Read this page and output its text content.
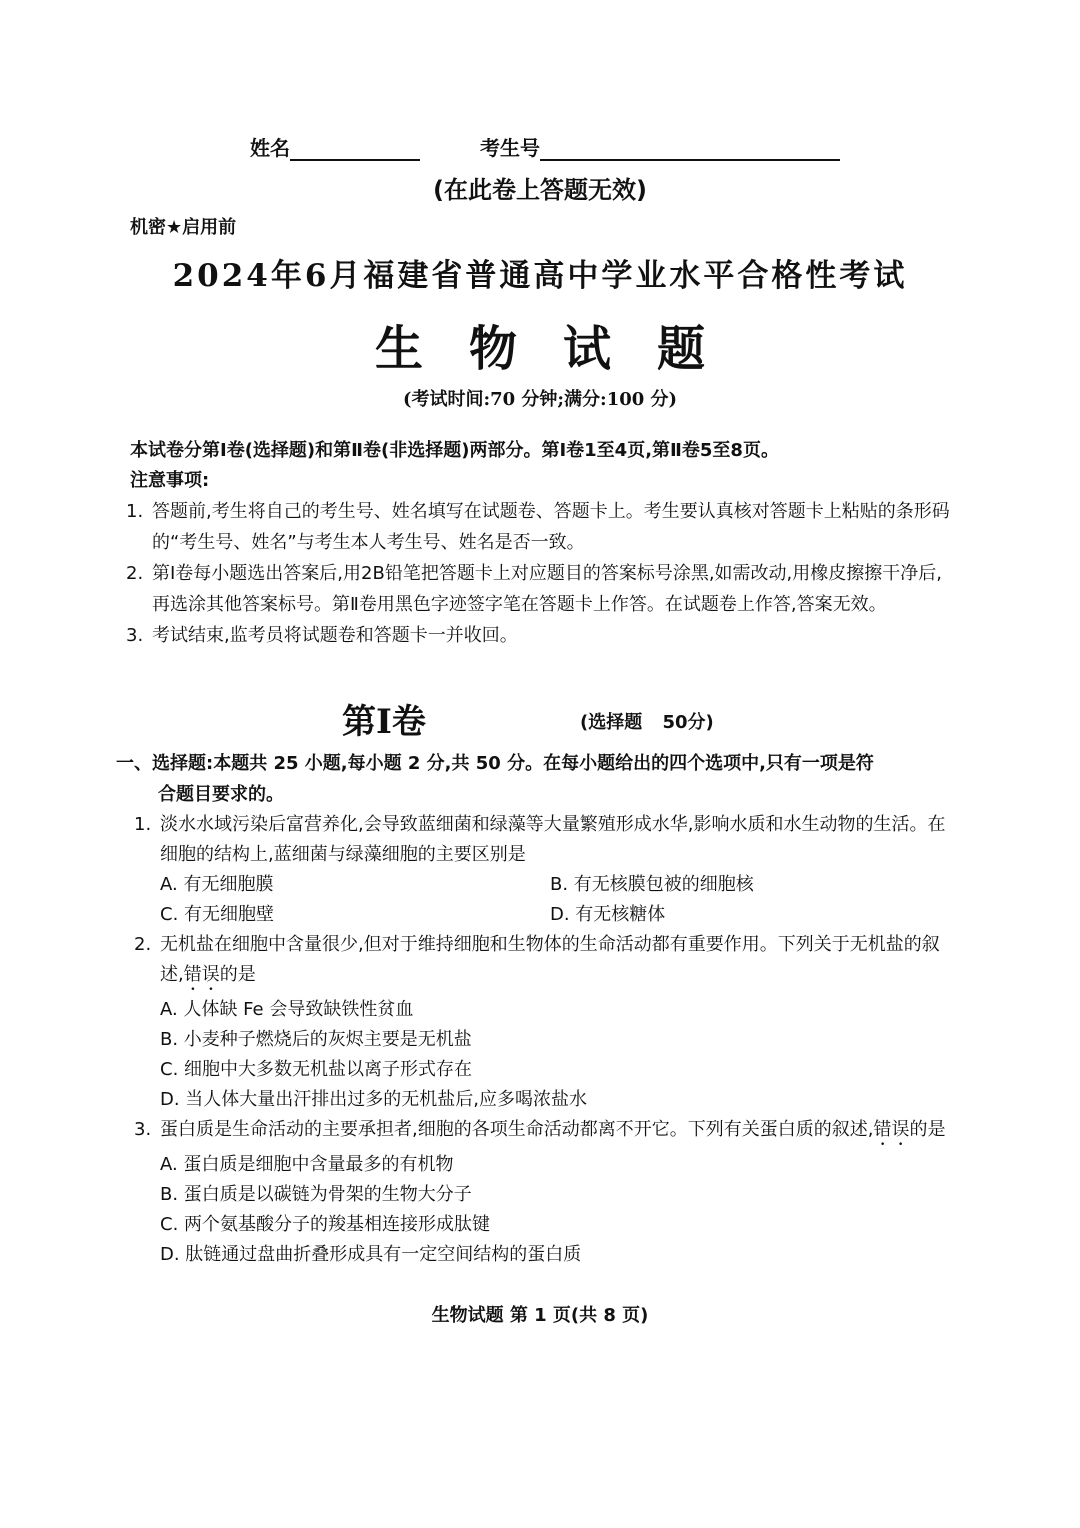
姓名	考生号
(在此卷上答题无效)
机密★启用前
2024年6月福建省普通高中学业水平合格性考试
生物试题
(考试时间:70 分钟;满分:100 分)
本试卷分第Ⅰ卷(选择题)和第Ⅱ卷(非选择题)两部分。第Ⅰ卷1至4页,第Ⅱ卷5至8页。
注意事项:
1. 答题前,考生将自己的考生号、姓名填写在试题卷、答题卡上。考生要认真核对答题卡上粘贴的条形码的“考生号、姓名”与考生本人考生号、姓名是否一致。
2. 第Ⅰ卷每小题选出答案后,用2B铅笔把答题卡上对应题目的答案标号涂黑,如需改动,用橡皮擦擦干净后,再选涂其他答案标号。第Ⅱ卷用黑色字迹签字笔在答题卡上作答。在试题卷上作答,答案无效。
3. 考试结束,监考员将试题卷和答题卡一并收回。
第Ⅰ卷	(选择题 50分)
一、选择题:本题共 25 小题,每小题 2 分,共 50 分。在每小题给出的四个选项中,只有一项是符
合题目要求的。
1. 淡水水域污染后富营养化,会导致蓝细菌和绿藻等大量繁殖形成水华,影响水质和水生动物的生活。在细胞的结构上,蓝细菌与绿藻细胞的主要区别是
A. 有无细胞膜	B. 有无核膜包被的细胞核
C. 有无细胞壁	D. 有无核糖体
2. 无机盐在细胞中含量很少,但对于维持细胞和生物体的生命活动都有重要作用。下列关于无机盐的叙述,错误的是
A. 人体缺 Fe 会导致缺铁性贫血
B. 小麦种子燃烧后的灰烬主要是无机盐
C. 细胞中大多数无机盐以离子形式存在
D. 当人体大量出汗排出过多的无机盐后,应多喝浓盐水
3. 蛋白质是生命活动的主要承担者,细胞的各项生命活动都离不开它。下列有关蛋白质的叙述,错误的是
A. 蛋白质是细胞中含量最多的有机物
B. 蛋白质是以碳链为骨架的生物大分子
C. 两个氨基酸分子的羧基相连接形成肽键
D. 肽链通过盘曲折叠形成具有一定空间结构的蛋白质
生物试题 第 1 页(共 8 页)
